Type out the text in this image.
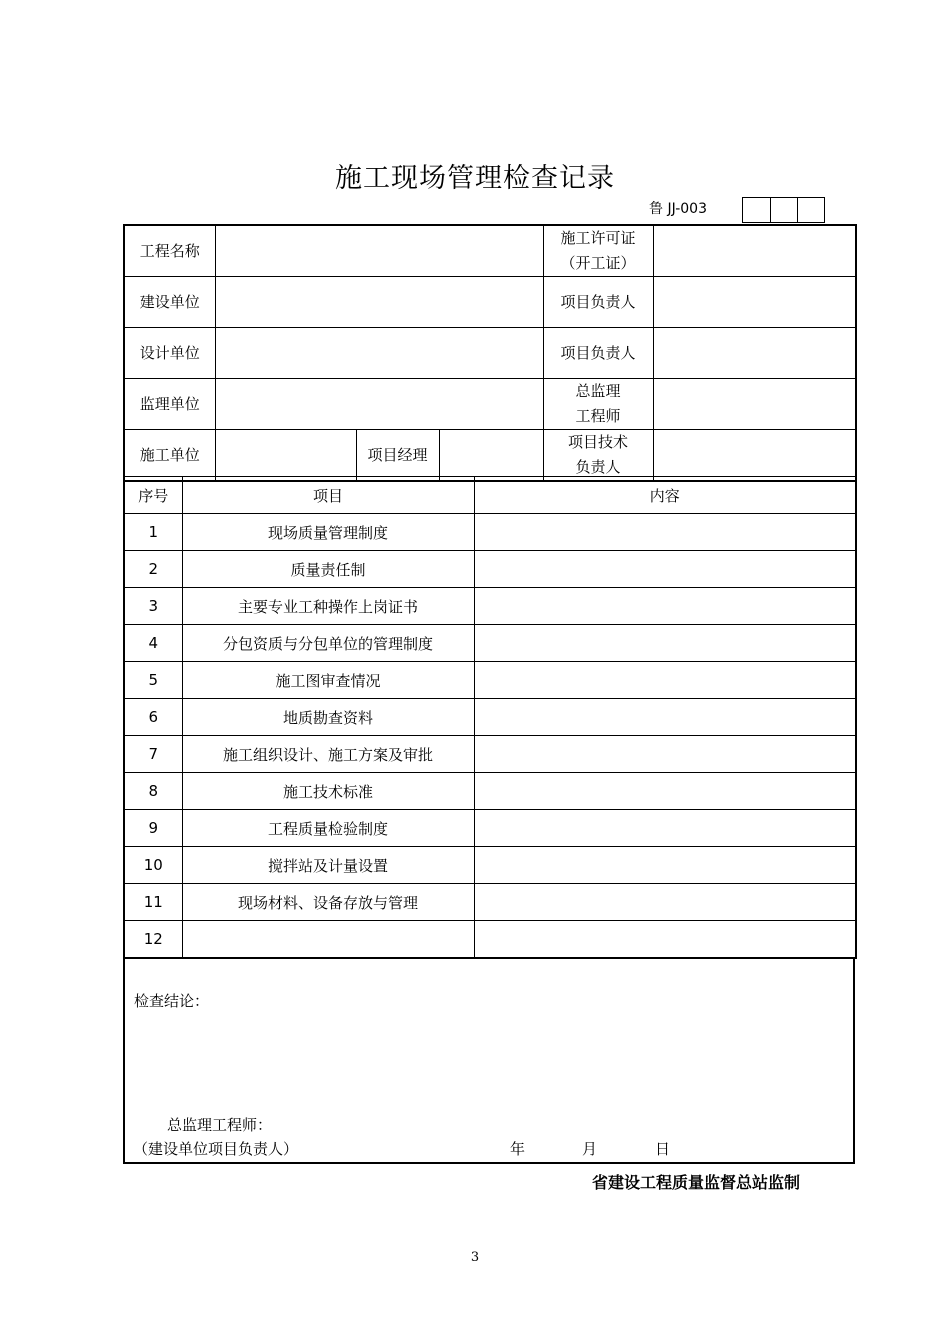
施工现场管理检查记录
鲁 JJ-003
工程名称				施工许可证
（开工证）	

建设单位				项目负责人	
设计单位				项目负责人	
监理单位				总监理
工程师	

施工单位		项目经理		项目技术
负责人	

序号	项目	内容
1	现场质量管理制度	
2	质量责任制	
3	主要专业工种操作上岗证书	
4	分包资质与分包单位的管理制度	
5	施工图审查情况	
6	地质勘查资料	
7	施工组织设计、施工方案及审批	
8	施工技术标准	
9	工程质量检验制度	
10	搅拌站及计量设置	
11	现场材料、设备存放与管理	
12		
检查结论：
总监理工程师：
（建设单位项目负责人）	年	月	日
省建设工程质量监督总站监制
3
